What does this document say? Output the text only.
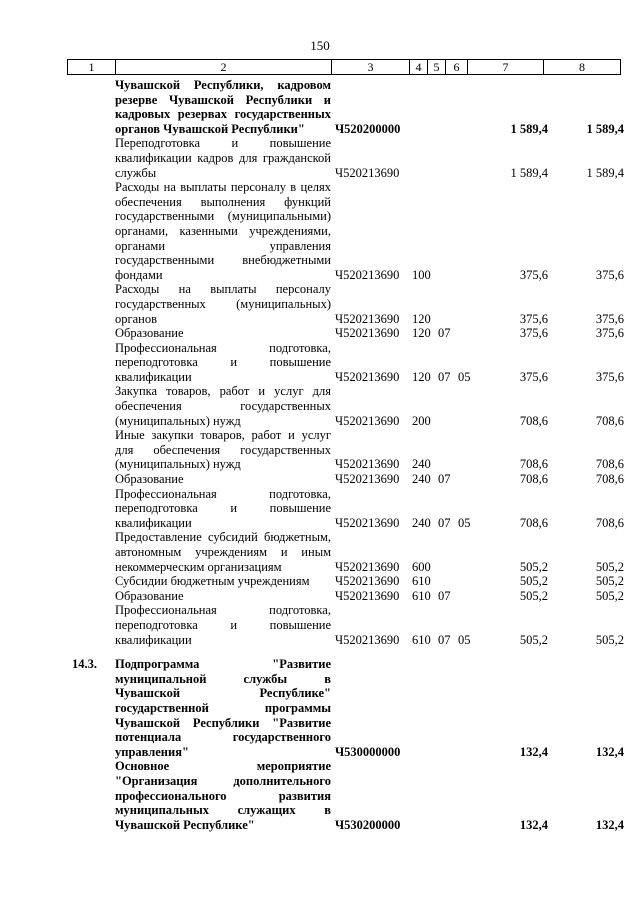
150
1	2	3	4	5	6	7	8
Чувашской Республики, кадровом резерве Чувашской Республики и кадровых резервах государственных органов Чувашской Республики"	Ч520200000	1 589,4	1 589,4
Переподготовка и повышение квалификации кадров для гражданской службы	Ч520213690	1 589,4	1 589,4
Расходы на выплаты персоналу в целях обеспечения выполнения функций государственными (муниципальными) органами, казенными учреждениями, органами управления государственными внебюджетными фондами	Ч520213690	100	375,6	375,6
Расходы на выплаты персоналу государственных (муниципальных) органов	Ч520213690	120	375,6	375,6
Образование	Ч520213690	120 07	375,6	375,6
Профессиональная подготовка, переподготовка и повышение квалификации	Ч520213690	120 07 05	375,6	375,6
Закупка товаров, работ и услуг для обеспечения государственных (муниципальных) нужд	Ч520213690	200	708,6	708,6
Иные закупки товаров, работ и услуг для обеспечения государственных (муниципальных) нужд	Ч520213690	240	708,6	708,6
Образование	Ч520213690	240 07	708,6	708,6
Профессиональная подготовка, переподготовка и повышение квалификации	Ч520213690	240 07 05	708,6	708,6
Предоставление субсидий бюджетным, автономным учреждениям и иным некоммерческим организациям	Ч520213690	600	505,2	505,2
Субсидии бюджетным учреждениям	Ч520213690	610	505,2	505,2
Образование	Ч520213690	610 07	505,2	505,2
Профессиональная подготовка, переподготовка и повышение квалификации	Ч520213690	610 07 05	505,2	505,2
14.3.	Подпрограмма "Развитие муниципальной службы в Чувашской Республике" государственной программы Чувашской Республики "Развитие потенциала государственного управления"	Ч530000000	132,4	132,4
Основное мероприятие "Организация дополнительного профессионального развития муниципальных служащих в Чувашской Республике"	Ч530200000	132,4	132,4
